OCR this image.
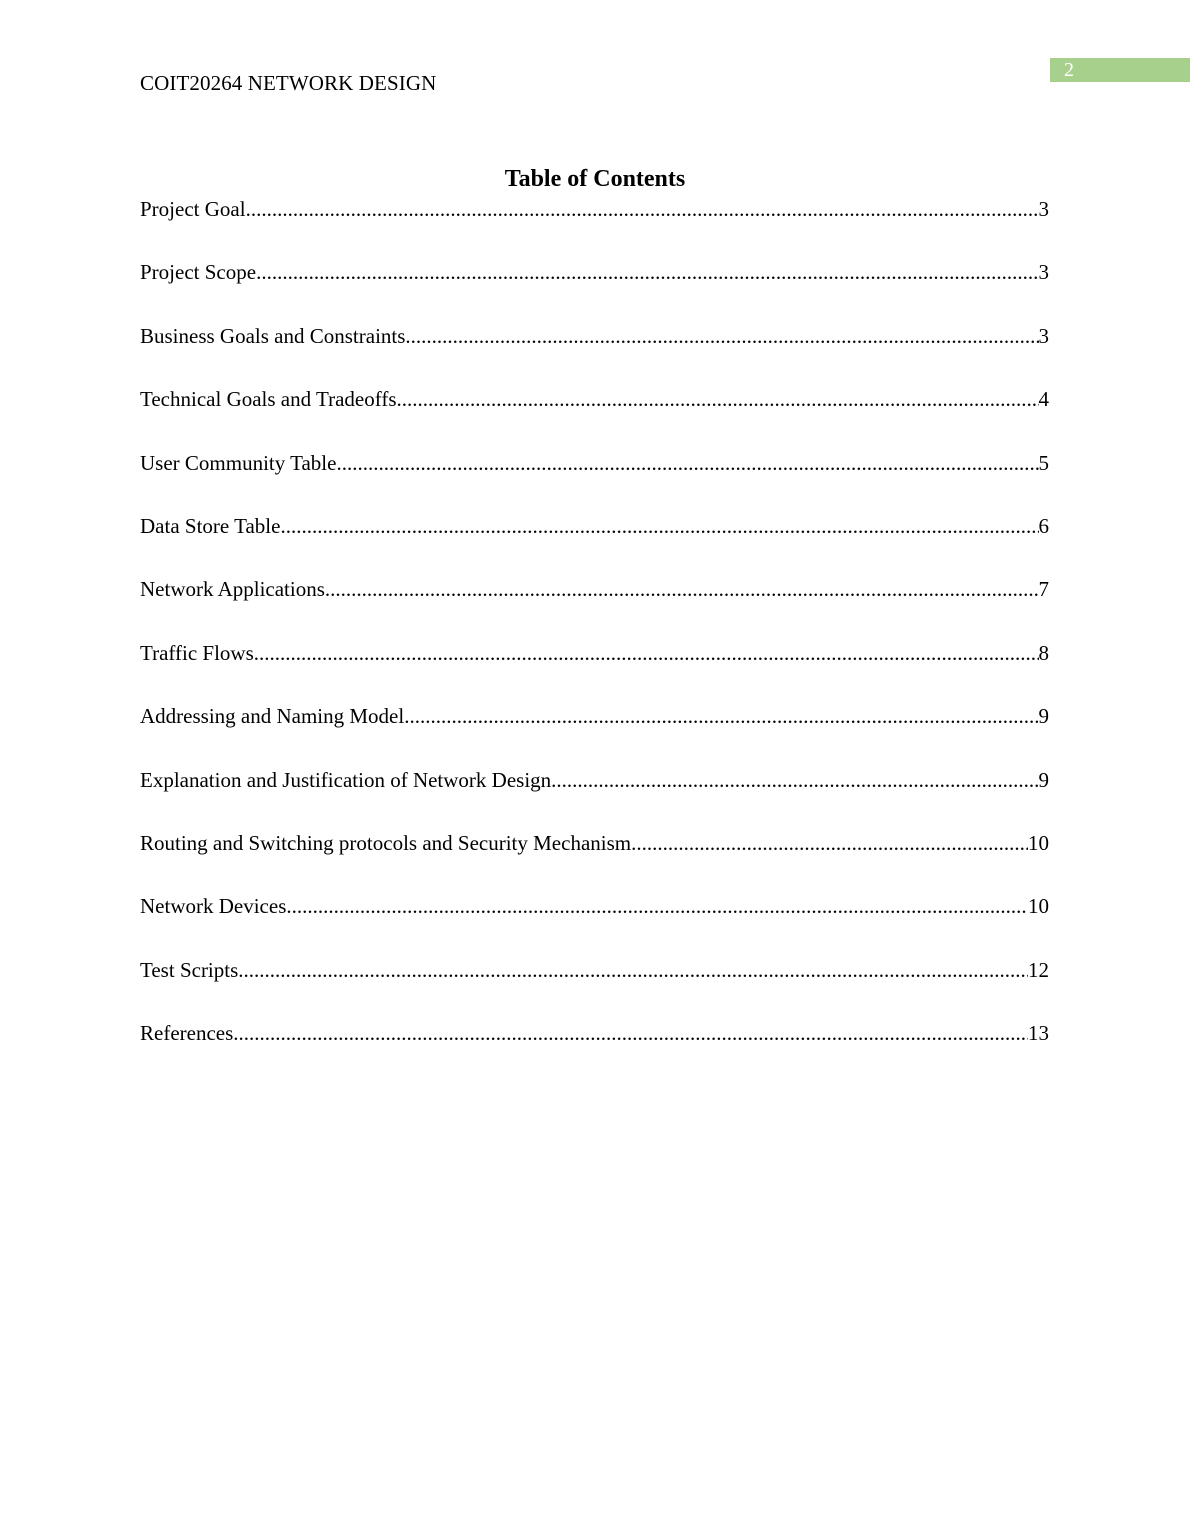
2
COIT20264 NETWORK DESIGN
Table of Contents
Project Goal .....	3
Project Scope .....	3
Business Goals and Constraints .....	3
Technical Goals and Tradeoffs .....	4
User Community Table .....	5
Data Store Table .....	6
Network Applications .....	7
Traffic Flows .....	8
Addressing and Naming Model .....	9
Explanation and Justification of Network Design .....	9
Routing and Switching protocols and Security Mechanism .....	10
Network Devices .....	10
Test Scripts .....	12
References .....	13
